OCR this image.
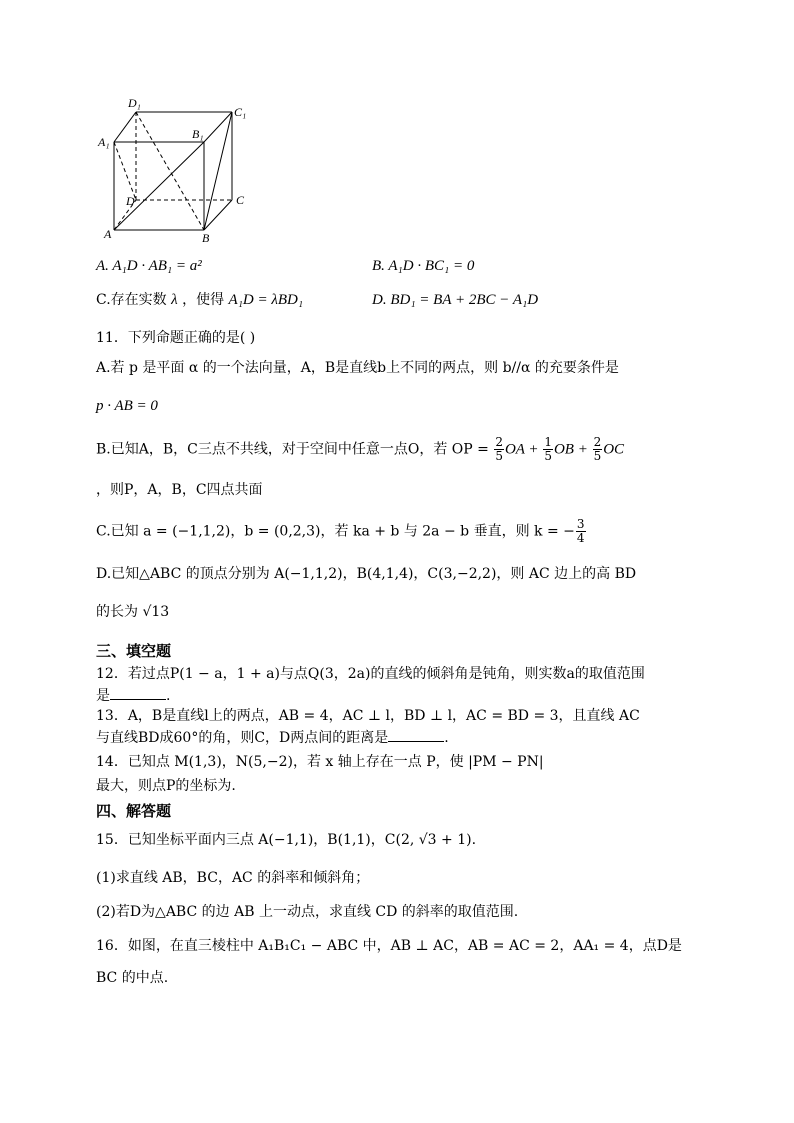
D₁
C₁
A₁
B₁
D	C
A	B
A. A₁D · AB₁ = a²	B. A₁D · BC₁ = 0
C.存在实数 λ ，使得 A₁D = λBD₁	D. BD₁ = BA + 2BC − A₁D
11．下列命题正确的是( )
A.若 p 是平面 α 的一个法向量，A，B是直线b上不同的两点，则 b//α 的充要条件是
p · AB = 0
B.已知A，B，C三点不共线，对于空间中任意一点O，若 OP = $\frac{2}{5}$ OA + $\frac{1}{5}$ OB + $\frac{2}{5}$ OC
，则P，A，B，C四点共面
C.已知 a = (−1,1,2)，b = (0,2,3)，若 ka + b 与 2a − b 垂直，则 k = − $\frac{3}{4}$
D.已知△ABC 的顶点分别为 A(−1,1,2)，B(4,1,4)，C(3,−2,2)，则 AC 边上的高 BD
的长为 √13
三、填空题
12．若过点P(1 − a，1 + a)与点Q(3，2a)的直线的倾斜角是钝角，则实数a的取值范围
是	.
13．A，B是直线l上的两点，AB = 4，AC ⊥ l，BD ⊥ l，AC = BD = 3，且直线 AC
与直线BD成60°的角，则C，D两点间的距离是	.
14．已知点 M(1,3)，N(5,−2)，若 x 轴上存在一点 P，使 |PM − PN|
最大，则点P的坐标为.
四、解答题
15．已知坐标平面内三点 A(−1,1)，B(1,1)，C(2, √3 + 1).
(1)求直线 AB，BC，AC 的斜率和倾斜角；
(2)若D为△ABC 的边 AB 上一动点，求直线 CD 的斜率的取值范围.
16．如图，在直三棱柱中 A₁B₁C₁ − ABC 中，AB ⊥ AC，AB = AC = 2，AA₁ = 4，点D是
BC 的中点.
